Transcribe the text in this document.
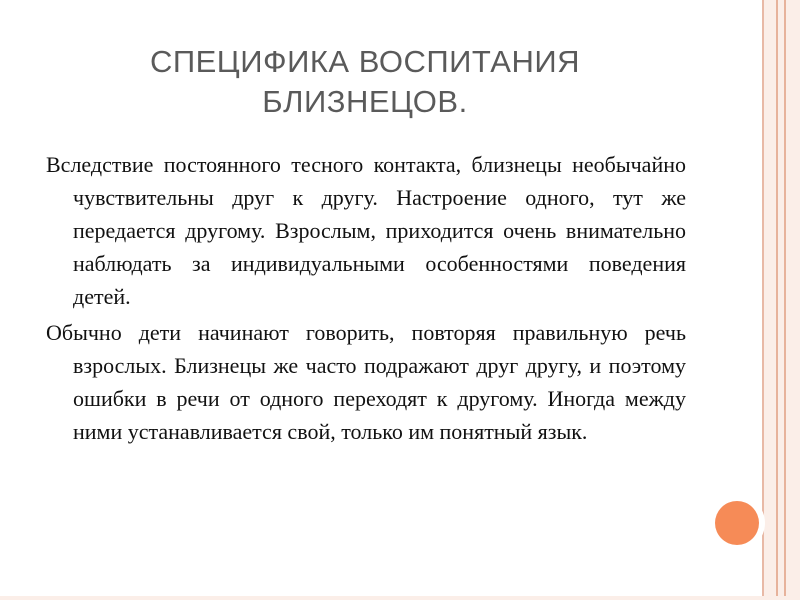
СПЕЦИФИКА ВОСПИТАНИЯ
БЛИЗНЕЦОВ.

Вследствие постоянного тесного контакта, близнецы необычайно чувствительны друг к другу. Настроение одного, тут же передается другому. Взрослым, приходится очень внимательно наблюдать за индивидуальными особенностями поведения детей.

Обычно дети начинают говорить, повторяя правильную речь взрослых. Близнецы же часто подражают друг другу, и поэтому ошибки в речи от одного переходят к другому. Иногда между ними устанавливается свой, только им понятный язык.
